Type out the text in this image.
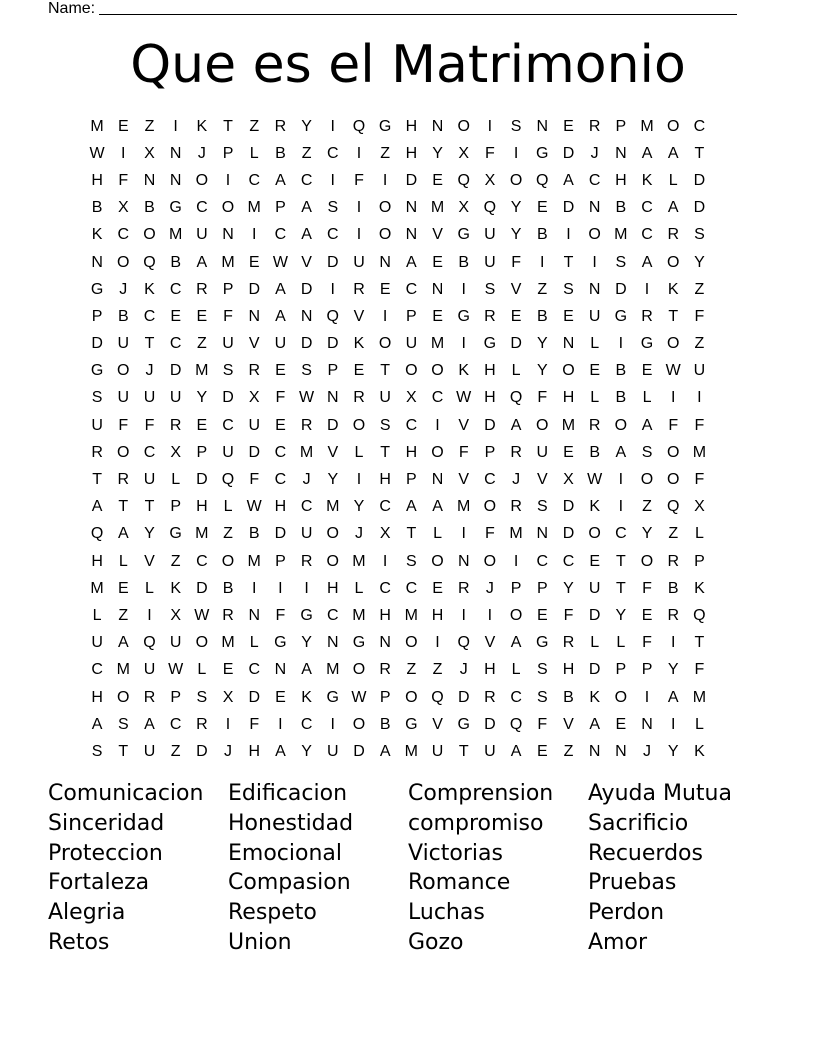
Name:
Que es el Matrimonio
M E Z	I	K T	Z R Y	I	Q G H N O	I	S N E R P M O C
W	I	X N	J	P	L	B Z C	I	Z H Y X F	I	G D	J	N A A T
H F N N O	I	C A C	I	F	I	D E Q X O Q A C H K	L D
B X B G C O M P A S	I	O N M X Q Y E D N B C A D
K C O M U N	I	C A C	I	O N V G U Y B	I	O M C R S
N O Q B A M E W V D U N A E B U F	I	T	I	S A O Y
G J	K C R P D A D	I	R E C N	I	S V Z S N D	I	K Z
P B C E E F N A N Q V	I	P E G R E B E U G R T	F
D U T C Z U V U D D K O U M	I	G D Y N L	I	G O Z
G O J	D M S R E S P E T O O K H L	Y O E B E W U
S U U U Y D X F W N R U X C W H Q F H L	B	L	I	I
U F	F R E C U E R D O S C	I	V D A O M R O A F	F
R O C X P U D C M V	L	T H O F P R U E B A S O M
T R U L D Q F C	J	Y	I	H P N V C	J	V X W	I	O O F
A T	T P H L W H C M Y C A A M O R S D K	I	Z Q X
Q A Y G M Z B D U O J	X T	L	I	F M N D O C Y Z	L
H L	V Z C O M P R O M	I	S O N O	I	C C E T O R P
M E	L	K D B	I	I	I	H L C C E R	J	P P Y U T	F B K
L	Z	I	X W R N F G C M H M H	I	I	O E F D Y E R Q
U A Q U O M L G Y N G N O	I	Q V A G R L	L	F	I	T
C M U W L	E C N A M O R Z	Z	J	H L	S H D P P Y F
H O R P S X D E K G W P O Q D R C S B K O	I	A M
A S A C R	I	F	I	C	I	O B G V G D Q F V A E N	I	L
S T U Z D	J	H A Y U D A M U T U A E Z N N	J	Y K
Comunicacion	Edificacion	Comprension	Ayuda Mutua
Sinceridad	Honestidad	compromiso	Sacrificio
Proteccion	Emocional	Victorias	Recuerdos
Fortaleza	Compasion	Romance	Pruebas
Alegria	Respeto	Luchas	Perdon
Retos	Union	Gozo	Amor
